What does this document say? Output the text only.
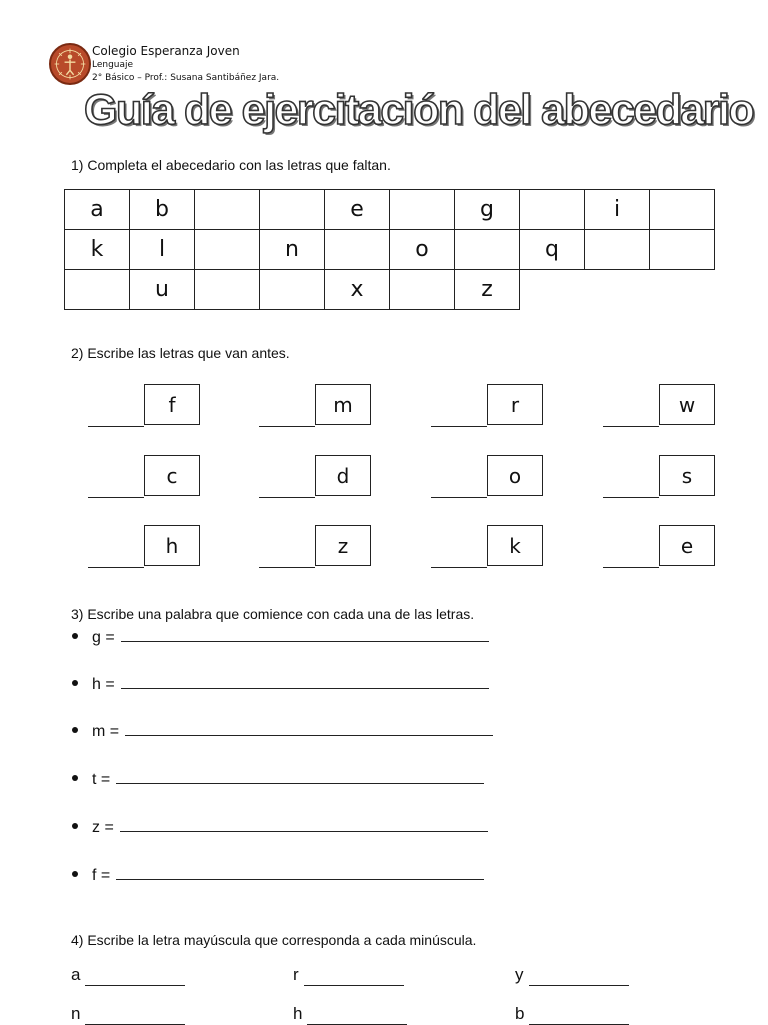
Colegio Esperanza Joven
Lenguaje
2° Básico – Prof.: Susana Santibáñez Jara.
Guía de ejercitación del abecedario
1) Completa el abecedario con las letras que faltan.
a	b			e		g		i	
k	l		n		o		q		
	u			x		z			
2) Escribe las letras que van antes.
f	m	r	w
c	d	o	s
h	z	k	e
3) Escribe una palabra que comience con cada una de las letras.
g =
h =
m =
t =
z =
f =
4) Escribe la letra mayúscula que corresponda a cada minúscula.
a	r	y
n	h	b
